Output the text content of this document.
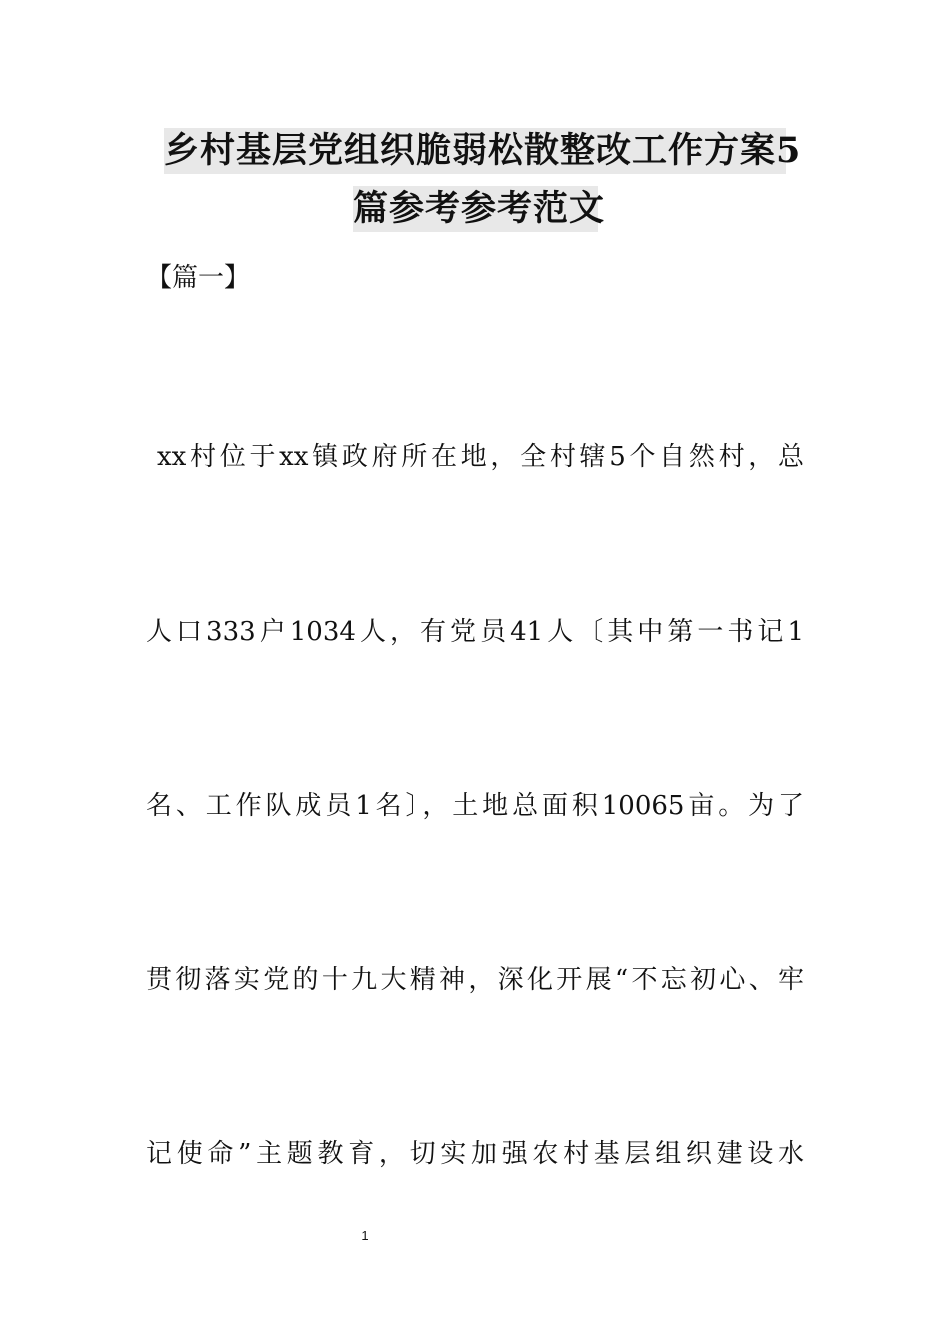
乡村基层党组织脆弱松散整改工作方案5
篇参考参考范文
【篇一】
xx村位于xx镇政府所在地，全村辖5个自然村，总
人口333户1034人，有党员41人〔其中第一书记1
名、工作队成员1名〕，土地总面积10065亩。为了
贯彻落实党的十九大精神，深化开展“不忘初心、牢
记使命”主题教育，切实加强农村基层组织建设水
1
